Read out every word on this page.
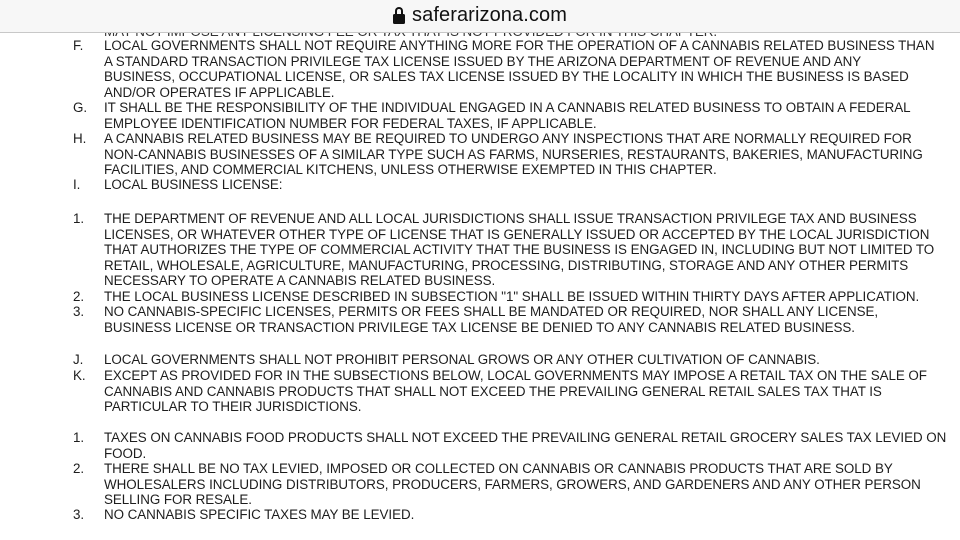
F. LOCAL GOVERNMENTS SHALL NOT REQUIRE ANYTHING MORE FOR THE OPERATION OF A CANNABIS RELATED BUSINESS THAN
A STANDARD TRANSACTION PRIVILEGE TAX LICENSE ISSUED BY THE ARIZONA DEPARTMENT OF REVENUE AND ANY
BUSINESS, OCCUPATIONAL LICENSE, OR SALES TAX LICENSE ISSUED BY THE LOCALITY IN WHICH THE BUSINESS IS BASED
AND/OR OPERATES IF APPLICABLE.
G. IT SHALL BE THE RESPONSIBILITY OF THE INDIVIDUAL ENGAGED IN A CANNABIS RELATED BUSINESS TO OBTAIN A FEDERAL
EMPLOYEE IDENTIFICATION NUMBER FOR FEDERAL TAXES, IF APPLICABLE.
H. A CANNABIS RELATED BUSINESS MAY BE REQUIRED TO UNDERGO ANY INSPECTIONS THAT ARE NORMALLY REQUIRED FOR
NON-CANNABIS BUSINESSES OF A SIMILAR TYPE SUCH AS FARMS, NURSERIES, RESTAURANTS, BAKERIES, MANUFACTURING
FACILITIES, AND COMMERCIAL KITCHENS, UNLESS OTHERWISE EXEMPTED IN THIS CHAPTER.
I. LOCAL BUSINESS LICENSE:
1. THE DEPARTMENT OF REVENUE AND ALL LOCAL JURISDICTIONS SHALL ISSUE TRANSACTION PRIVILEGE TAX AND BUSINESS
LICENSES, OR WHATEVER OTHER TYPE OF LICENSE THAT IS GENERALLY ISSUED OR ACCEPTED BY THE LOCAL JURISDICTION
THAT AUTHORIZES THE TYPE OF COMMERCIAL ACTIVITY THAT THE BUSINESS IS ENGAGED IN, INCLUDING BUT NOT LIMITED TO
RETAIL, WHOLESALE, AGRICULTURE, MANUFACTURING, PROCESSING, DISTRIBUTING, STORAGE AND ANY OTHER PERMITS
NECESSARY TO OPERATE A CANNABIS RELATED BUSINESS.
2. THE LOCAL BUSINESS LICENSE DESCRIBED IN SUBSECTION "1" SHALL BE ISSUED WITHIN THIRTY DAYS AFTER APPLICATION.
3. NO CANNABIS-SPECIFIC LICENSES, PERMITS OR FEES SHALL BE MANDATED OR REQUIRED, NOR SHALL ANY LICENSE,
BUSINESS LICENSE OR TRANSACTION PRIVILEGE TAX LICENSE BE DENIED TO ANY CANNABIS RELATED BUSINESS.
J. LOCAL GOVERNMENTS SHALL NOT PROHIBIT PERSONAL GROWS OR ANY OTHER CULTIVATION OF CANNABIS.
K. EXCEPT AS PROVIDED FOR IN THE SUBSECTIONS BELOW, LOCAL GOVERNMENTS MAY IMPOSE A RETAIL TAX ON THE SALE OF
CANNABIS AND CANNABIS PRODUCTS THAT SHALL NOT EXCEED THE PREVAILING GENERAL RETAIL SALES TAX THAT IS
PARTICULAR TO THEIR JURISDICTIONS.
1. TAXES ON CANNABIS FOOD PRODUCTS SHALL NOT EXCEED THE PREVAILING GENERAL RETAIL GROCERY SALES TAX LEVIED ON
FOOD.
2. THERE SHALL BE NO TAX LEVIED, IMPOSED OR COLLECTED ON CANNABIS OR CANNABIS PRODUCTS THAT ARE SOLD BY
WHOLESALERS INCLUDING DISTRIBUTORS, PRODUCERS, FARMERS, GROWERS, AND GARDENERS AND ANY OTHER PERSON
SELLING FOR RESALE.
3. NO CANNABIS SPECIFIC TAXES MAY BE LEVIED.
saferarizona.com
